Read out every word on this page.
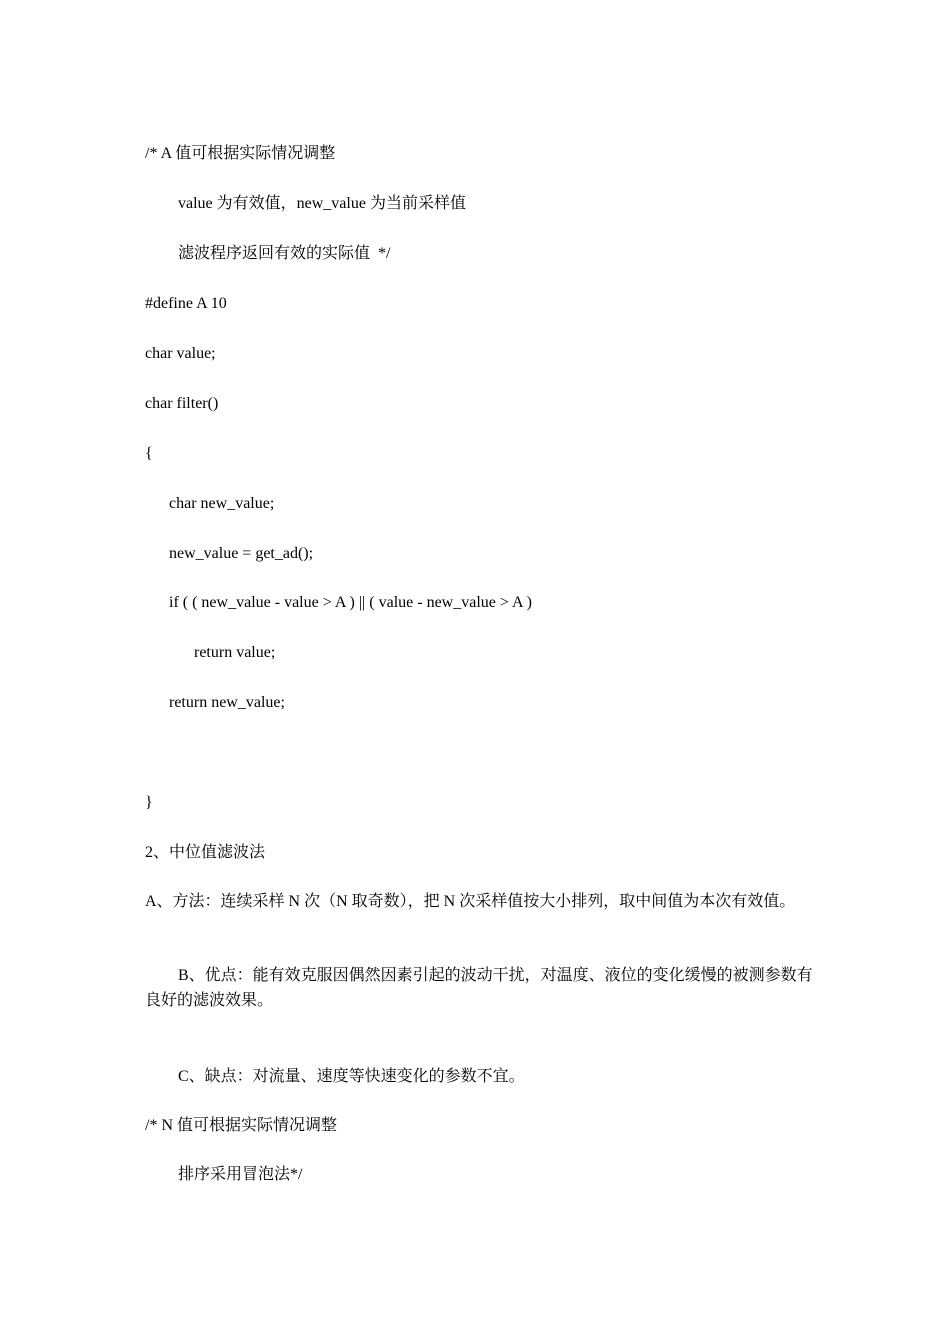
/* A 值可根据实际情况调整
value 为有效值，new_value 为当前采样值
滤波程序返回有效的实际值  */
#define A 10
char value;
char filter()
{
char new_value;
new_value = get_ad();
if ( ( new_value - value > A ) || ( value - new_value > A )
return value;
return new_value;
}
2、中位值滤波法
A、方法：连续采样 N 次（N 取奇数），把 N 次采样值按大小排列，取中间值为本次有效值。
B、优点：能有效克服因偶然因素引起的波动干扰，对温度、液位的变化缓慢的被测参数有良好的滤波效果。
C、缺点：对流量、速度等快速变化的参数不宜。
/* N 值可根据实际情况调整
排序采用冒泡法*/
